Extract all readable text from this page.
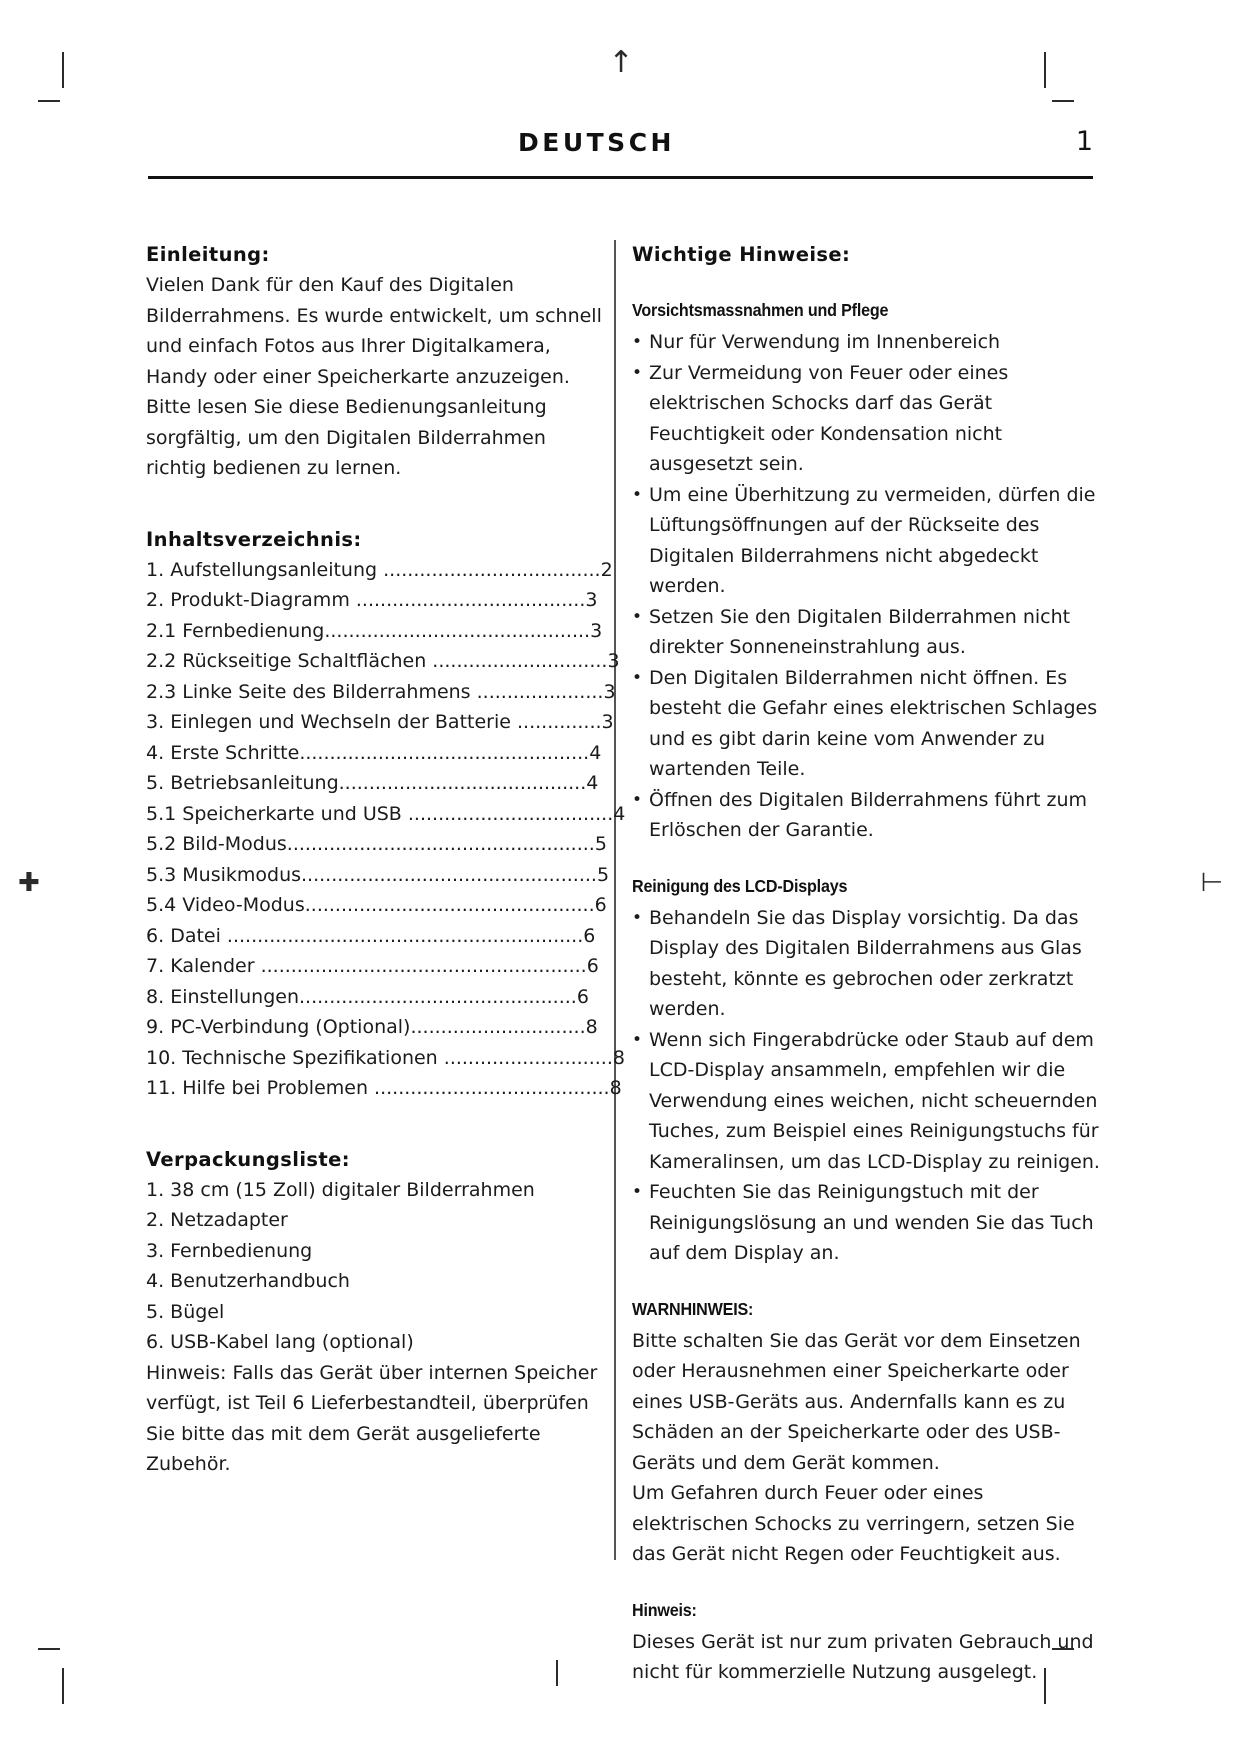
↑
✚	⊢
DEUTSCH	1
Einleitung:

Vielen Dank für den Kauf des Digitalen Bilderrahmens. Es wurde entwickelt, um schnell und einfach Fotos aus Ihrer Digitalkamera, Handy oder einer Speicherkarte anzuzeigen. Bitte lesen Sie diese Bedienungsanleitung sorgfältig, um den Digitalen Bilderrahmen richtig bedienen zu lernen.

Inhaltsverzeichnis:
1. Aufstellungsanleitung ....................................2
2. Produkt-Diagramm ......................................3
2.1 Fernbedienung............................................3
2.2 Rückseitige Schaltflächen .............................3
2.3 Linke Seite des Bilderrahmens .....................3
3. Einlegen und Wechseln der Batterie ..............3
4. Erste Schritte................................................4
5. Betriebsanleitung.........................................4
5.1 Speicherkarte und USB ..................................4
5.2 Bild-Modus...................................................5
5.3 Musikmodus.................................................5
5.4 Video-Modus................................................6
6. Datei ...........................................................6
7. Kalender ......................................................6
8. Einstellungen..............................................6
9. PC-Verbindung (Optional).............................8
10. Technische Spezifikationen ............................8
11. Hilfe bei Problemen .......................................8
Verpackungsliste:
1. 38 cm (15 Zoll) digitaler Bilderrahmen
2. Netzadapter
3. Fernbedienung
4. Benutzerhandbuch
5. Bügel
6. USB-Kabel lang (optional)

Hinweis: Falls das Gerät über internen Speicher verfügt, ist Teil 6 Lieferbestandteil, überprüfen Sie bitte das mit dem Gerät ausgelieferte Zubehör.

Wichtige Hinweise:
Vorsichtsmassnahmen und Pflege
• Nur für Verwendung im Innenbereich
• Zur Vermeidung von Feuer oder eines elektrischen Schocks darf das Gerät Feuchtigkeit oder Kondensation nicht ausgesetzt sein.
• Um eine Überhitzung zu vermeiden, dürfen die Lüftungsöffnungen auf der Rückseite des Digitalen Bilderrahmens nicht abgedeckt werden.
• Setzen Sie den Digitalen Bilderrahmen nicht direkter Sonneneinstrahlung aus.
• Den Digitalen Bilderrahmen nicht öffnen. Es besteht die Gefahr eines elektrischen Schlages und es gibt darin keine vom Anwender zu wartenden Teile.
• Öffnen des Digitalen Bilderrahmens führt zum Erlöschen der Garantie.
Reinigung des LCD-Displays
• Behandeln Sie das Display vorsichtig. Da das Display des Digitalen Bilderrahmens aus Glas besteht, könnte es gebrochen oder zerkratzt werden.
• Wenn sich Fingerabdrücke oder Staub auf dem LCD-Display ansammeln, empfehlen wir die Verwendung eines weichen, nicht scheuernden Tuches, zum Beispiel eines Reinigungstuchs für Kameralinsen, um das LCD-Display zu reinigen.
• Feuchten Sie das Reinigungstuch mit der Reinigungslösung an und wenden Sie das Tuch auf dem Display an.
WARNHINWEIS:

Bitte schalten Sie das Gerät vor dem Einsetzen oder Herausnehmen einer Speicherkarte oder eines USB-Geräts aus. Andernfalls kann es zu Schäden an der Speicherkarte oder des USB-Geräts und dem Gerät kommen.

Um Gefahren durch Feuer oder eines elektrischen Schocks zu verringern, setzen Sie das Gerät nicht Regen oder Feuchtigkeit aus.

Hinweis:

Dieses Gerät ist nur zum privaten Gebrauch und nicht für kommerzielle Nutzung ausgelegt.
